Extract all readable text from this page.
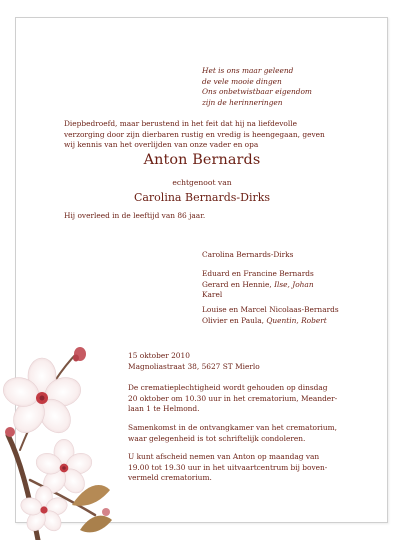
Het is ons maar geleend
de vele mooie dingen
Ons onbetwistbaar eigendom
zijn de herinneringen
Diepbedroefd, maar berustend in het feit dat hij na liefdevolle
verzorging door zijn dierbaren rustig en vredig is heengegaan, geven
wij kennis van het overlijden van onze vader en opa
Anton Bernards
echtgenoot van
Carolina Bernards-Dirks
Hij overleed in de leeftijd van 86 jaar.
Carolina Bernards-Dirks
Eduard en Francine Bernards
Gerard en Hennie, Ilse, Johan
Karel
Louise en Marcel Nicolaas-Bernards
Olivier en Paula, Quentin, Robert
15 oktober 2010
Magnoliastraat 38, 5627 ST Mierlo

De crematieplechtigheid wordt gehouden op dinsdag
20 oktober om 10.30 uur in het crematorium, Meander-
laan 1 te Helmond.

Samenkomst in de ontvangkamer van het crematorium,
waar gelegenheid is tot schriftelijk condoleren.

U kunt afscheid nemen van Anton op maandag van
19.00 tot 19.30 uur in het uitvaartcentrum bij boven-
vermeld crematorium.
